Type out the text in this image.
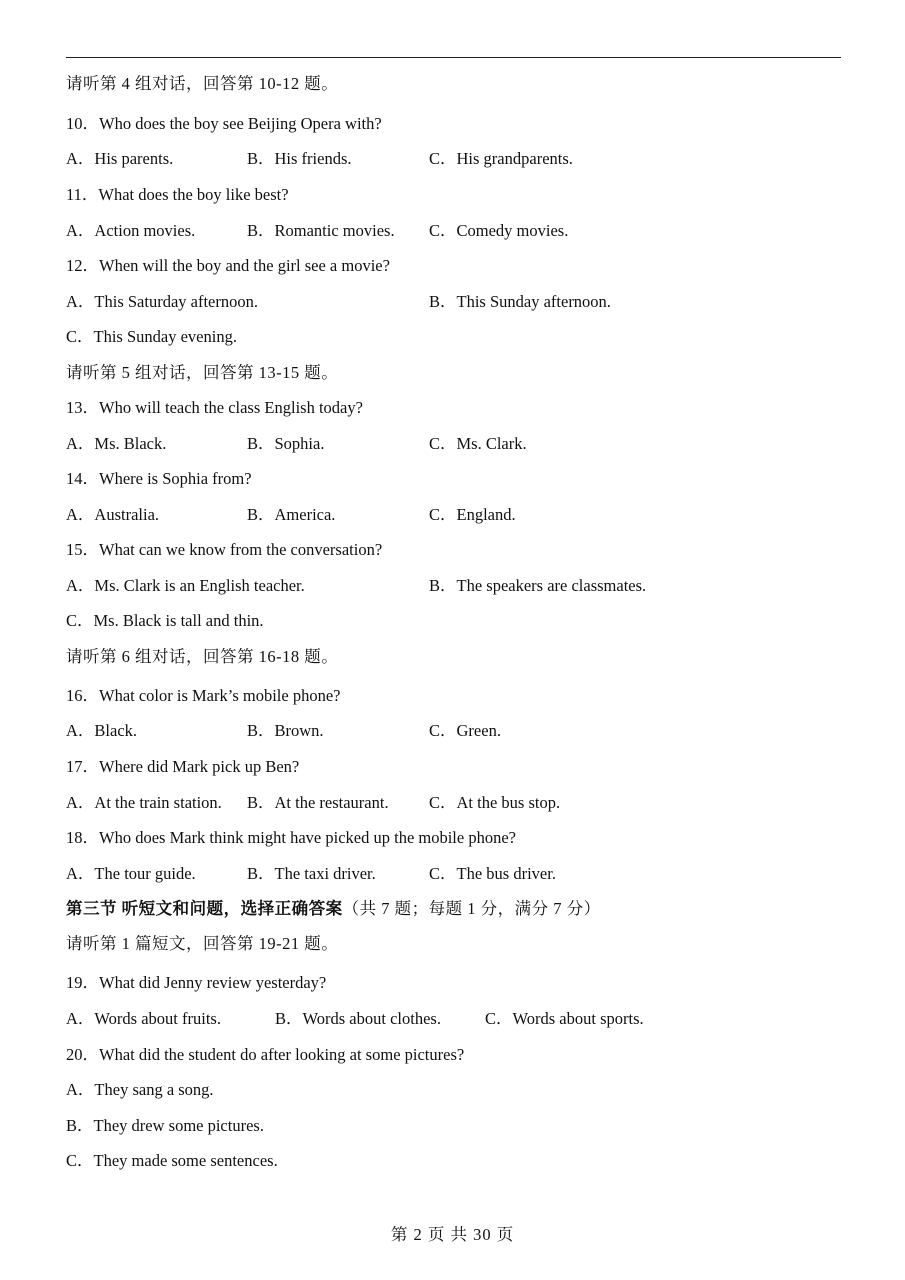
请听第 4 组对话，回答第 10-12 题。
10．Who does the boy see Beijing Opera with?
A．His parents.	B．His friends.	C．His grandparents.
11．What does the boy like best?
A．Action movies.	B．Romantic movies. C．Comedy movies.
12．When will the boy and the girl see a movie?
A．This Saturday afternoon.	B．This Sunday afternoon.
C．This Sunday evening.
请听第 5 组对话，回答第 13-15 题。
13．Who will teach the class English today?
A．Ms. Black.	B．Sophia.	C．Ms. Clark.
14．Where is Sophia from?
A．Australia.	B．America.	C．England.
15．What can we know from the conversation?
A．Ms. Clark is an English teacher.	B．The speakers are classmates.
C．Ms. Black is tall and thin.
请听第 6 组对话，回答第 16-18 题。
16．What color is Mark’s mobile phone?
A．Black.	B．Brown.	C．Green.
17．Where did Mark pick up Ben?
A．At the train station. B．At the restaurant. C．At the bus stop.
18．Who does Mark think might have picked up the mobile phone?
A．The tour guide.	B．The taxi driver.	C．The bus driver.
第三节 听短文和问题，选择正确答案（共 7 题；每题 1 分，满分 7 分）
请听第 1 篇短文，回答第 19-21 题。
19．What did Jenny review yesterday?
A．Words about fruits.	B．Words about clothes.	C．Words about sports.
20．What did the student do after looking at some pictures?
A．They sang a song.
B．They drew some pictures.
C．They made some sentences.
第 2 页 共 30 页
